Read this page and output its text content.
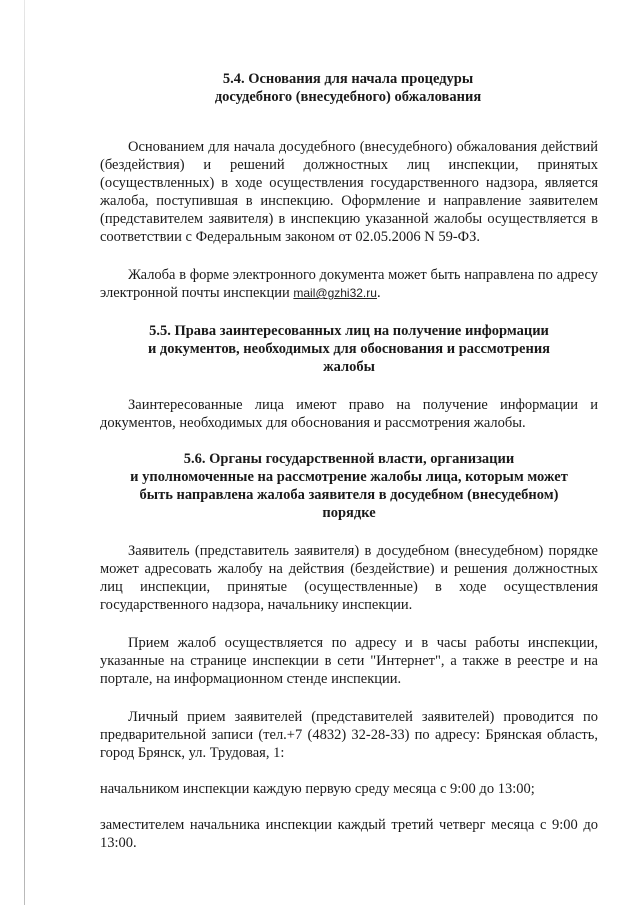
5.4. Основания для начала процедуры
досудебного (внесудебного) обжалования

Основанием для начала досудебного (внесудебного) обжалования действий (бездействия) и решений должностных лиц инспекции, принятых (осуществленных) в ходе осуществления государственного надзора, является жалоба, поступившая в инспекцию. Оформление и направление заявителем (представителем заявителя) в инспекцию указанной жалобы осуществляется в соответствии с Федеральным законом от 02.05.2006 N 59-ФЗ.

Жалоба в форме электронного документа может быть направлена по адресу электронной почты инспекции mail@gzhi32.ru.

5.5. Права заинтересованных лиц на получение информации
и документов, необходимых для обоснования и рассмотрения
жалобы

Заинтересованные лица имеют право на получение информации и документов, необходимых для обоснования и рассмотрения жалобы.

5.6. Органы государственной власти, организации
и уполномоченные на рассмотрение жалобы лица, которым может
быть направлена жалоба заявителя в досудебном (внесудебном)
порядке

Заявитель (представитель заявителя) в досудебном (внесудебном) порядке может адресовать жалобу на действия (бездействие) и решения должностных лиц инспекции, принятые (осуществленные) в ходе осуществления государственного надзора, начальнику инспекции.

Прием жалоб осуществляется по адресу и в часы работы инспекции, указанные на странице инспекции в сети "Интернет", а также в реестре и на портале, на информационном стенде инспекции.

Личный прием заявителей (представителей заявителей) проводится по предварительной записи (тел.+7 (4832) 32-28-33) по адресу: Брянская область, город Брянск, ул. Трудовая, 1:

начальником инспекции каждую первую среду месяца с 9:00 до 13:00;

заместителем начальника инспекции каждый третий четверг месяца с 9:00 до 13:00.
